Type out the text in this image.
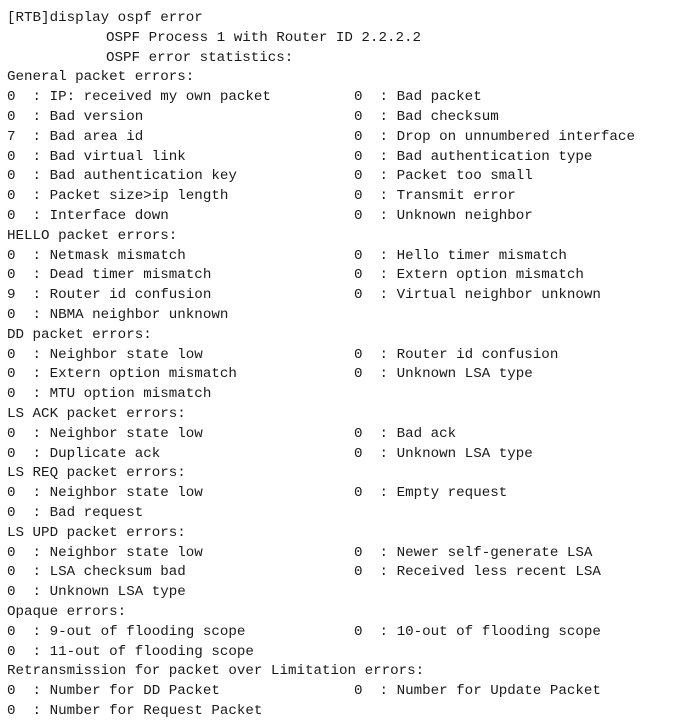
[RTB]display ospf error
OSPF Process 1 with Router ID 2.2.2.2
OSPF error statistics:
General packet errors:
0  : IP: received my own packet	0  : Bad packet
0  : Bad version	0  : Bad checksum
7  : Bad area id	0  : Drop on unnumbered interface
0  : Bad virtual link	0  : Bad authentication type
0  : Bad authentication key	0  : Packet too small
0  : Packet size>ip length	0  : Transmit error
0  : Interface down	0  : Unknown neighbor
HELLO packet errors:
0  : Netmask mismatch	0  : Hello timer mismatch
0  : Dead timer mismatch	0  : Extern option mismatch
9  : Router id confusion	0  : Virtual neighbor unknown
0  : NBMA neighbor unknown
DD packet errors:
0  : Neighbor state low	0  : Router id confusion
0  : Extern option mismatch	0  : Unknown LSA type
0  : MTU option mismatch
LS ACK packet errors:
0  : Neighbor state low	0  : Bad ack
0  : Duplicate ack	0  : Unknown LSA type
LS REQ packet errors:
0  : Neighbor state low	0  : Empty request
0  : Bad request
LS UPD packet errors:
0  : Neighbor state low	0  : Newer self-generate LSA
0  : LSA checksum bad	0  : Received less recent LSA
0  : Unknown LSA type
Opaque errors:
0  : 9-out of flooding scope	0  : 10-out of flooding scope
0  : 11-out of flooding scope
Retransmission for packet over Limitation errors:
0  : Number for DD Packet	0  : Number for Update Packet
0  : Number for Request Packet
